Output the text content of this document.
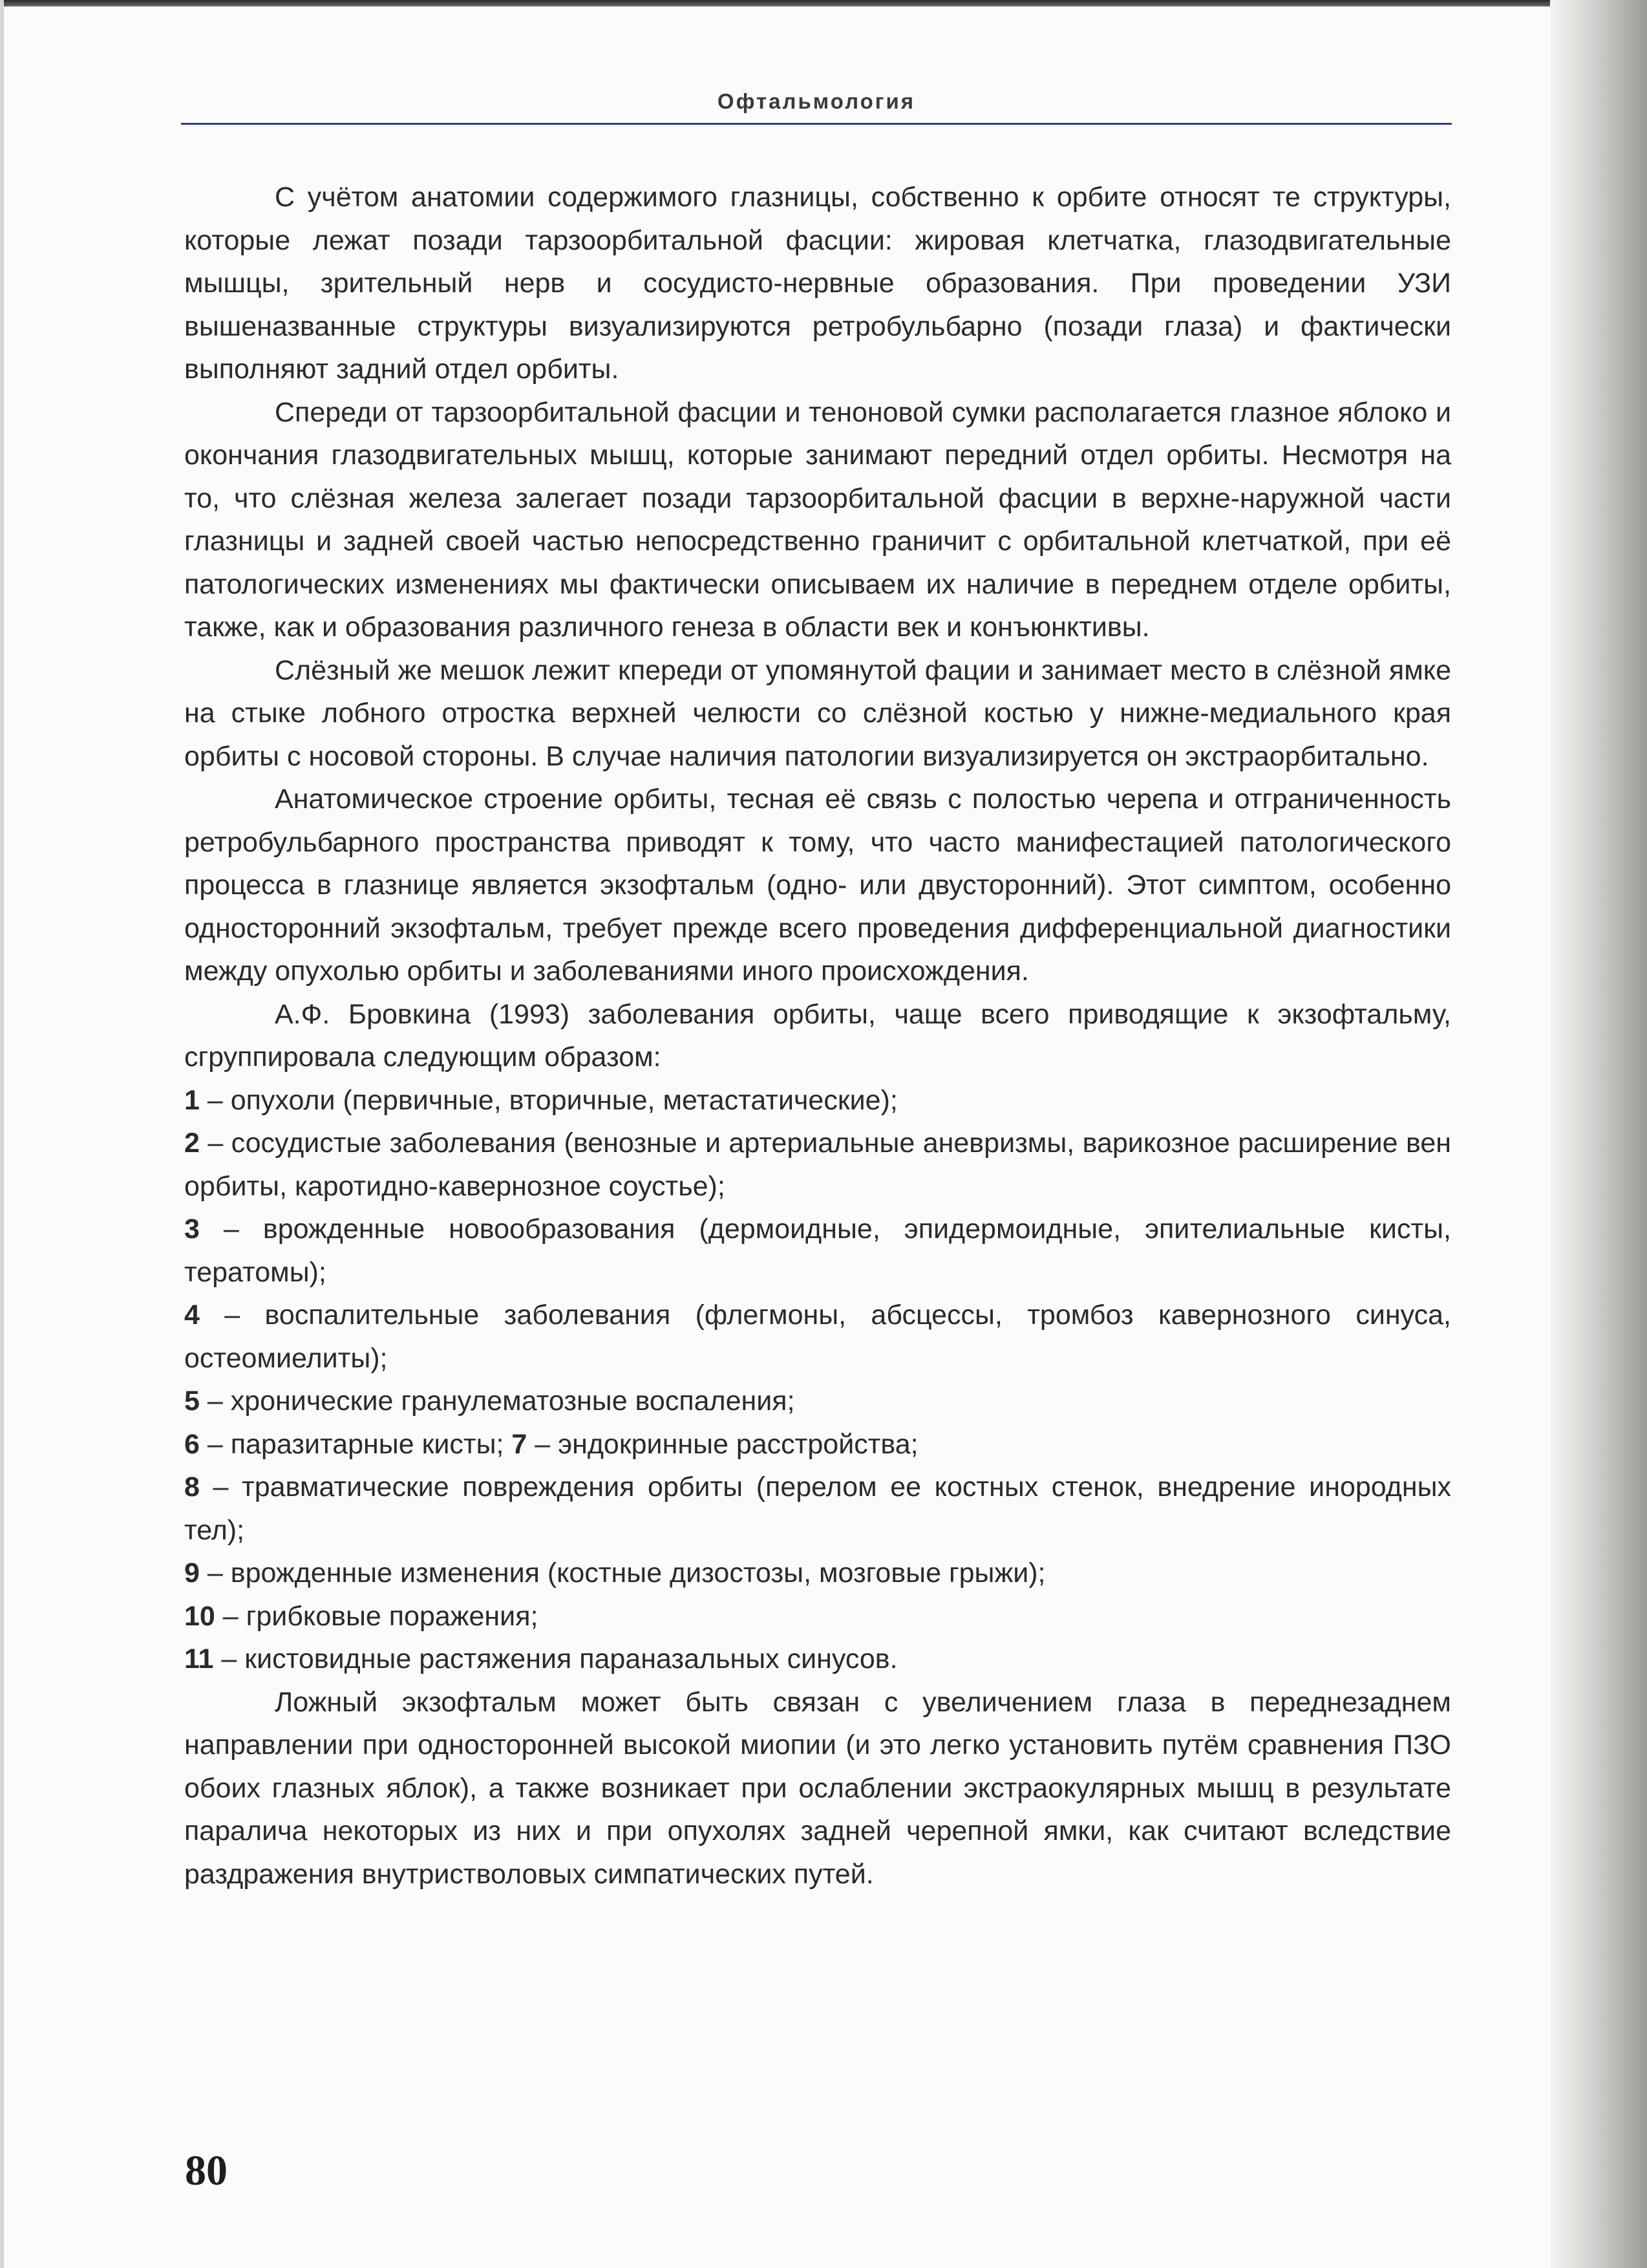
Офтальмология

С учётом анатомии содержимого глазницы, собственно к орбите относят те структуры, которые лежат позади тарзоорбитальной фасции: жировая клетчатка, глазодвигательные мышцы, зрительный нерв и сосудисто-нервные образования. При проведении УЗИ вышеназванные структуры визуализируются ретробульбарно (позади глаза) и фактически выполняют задний отдел орбиты.

Спереди от тарзоорбитальной фасции и теноновой сумки располагается глазное яблоко и окончания глазодвигательных мышц, которые занимают передний отдел орбиты. Несмотря на то, что слёзная железа залегает позади тарзоорбитальной фасции в верхне-наружной части глазницы и задней своей частью непосредственно граничит с орбитальной клетчаткой, при её патологических изменениях мы фактически описываем их наличие в переднем отделе орбиты, также, как и образования различного генеза в области век и конъюнктивы.

Слёзный же мешок лежит кпереди от упомянутой фации и занимает место в слёзной ямке на стыке лобного отростка верхней челюсти со слёзной костью у нижне-медиального края орбиты с носовой стороны. В случае наличия патологии визуализируется он экстраорбитально.

Анатомическое строение орбиты, тесная её связь с полостью черепа и отграниченность ретробульбарного пространства приводят к тому, что часто манифестацией патологического процесса в глазнице является экзофтальм (одно- или двусторонний). Этот симптом, особенно односторонний экзофтальм, требует прежде всего проведения дифференциальной диагностики между опухолью орбиты и заболеваниями иного происхождения.

А.Ф. Бровкина (1993) заболевания орбиты, чаще всего приводящие к экзофтальму, сгруппировала следующим образом:

1 – опухоли (первичные, вторичные, метастатические);

2 – сосудистые заболевания (венозные и артериальные аневризмы, варикозное расширение вен орбиты, каротидно-кавернозное соустье);

3 – врожденные новообразования (дермоидные, эпидермоидные, эпителиальные кисты, тератомы);

4 – воспалительные заболевания (флегмоны, абсцессы, тромбоз кавернозного синуса, остеомиелиты);

5 – хронические гранулематозные воспаления;

6 – паразитарные кисты; 7 – эндокринные расстройства;

8 – травматические повреждения орбиты (перелом ее костных стенок, внедрение инородных тел);

9 – врожденные изменения (костные дизостозы, мозговые грыжи);

10 – грибковые поражения;

11 – кистовидные растяжения параназальных синусов.

Ложный экзофтальм может быть связан с увеличением глаза в переднезаднем направлении при односторонней высокой миопии (и это легко установить путём сравнения ПЗО обоих глазных яблок), а также возникает при ослаблении экстраокулярных мышц в результате паралича некоторых из них и при опухолях задней черепной ямки, как считают вследствие раздражения внутристволовых симпатических путей.

80
